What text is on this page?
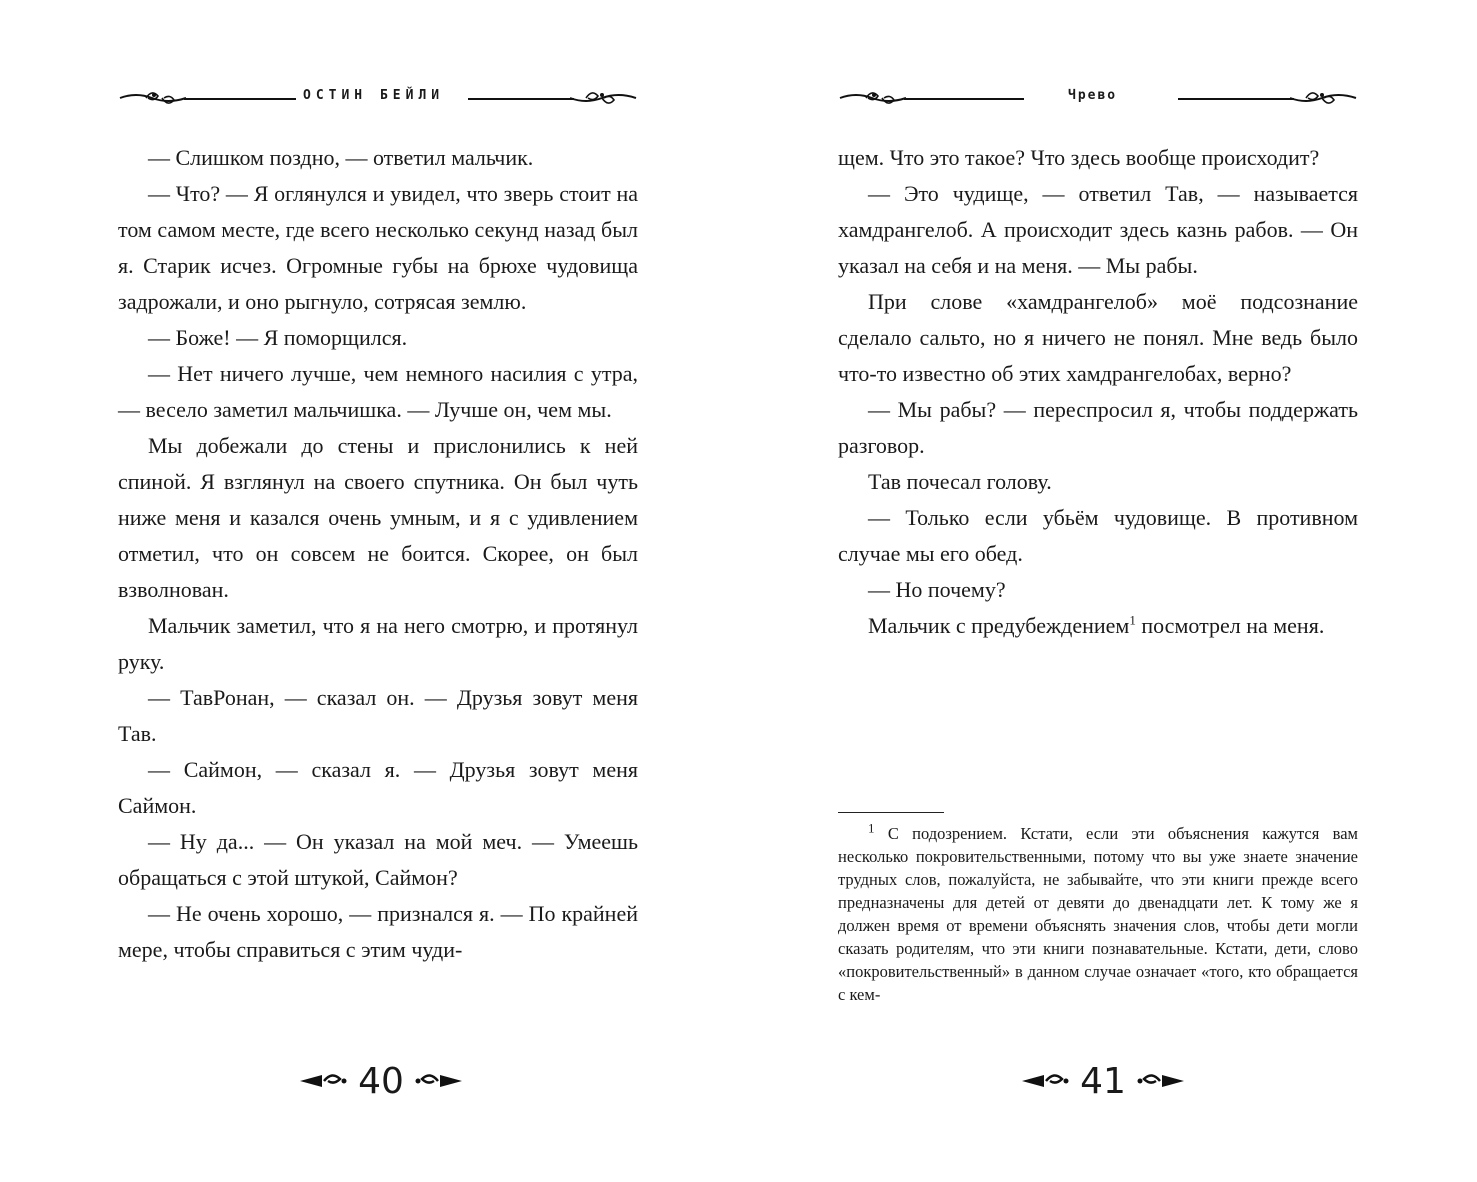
ОСТИН БЕЙЛИ

— Слишком поздно, — ответил мальчик.

— Что? — Я оглянулся и увидел, что зверь стоит на том самом месте, где всего несколько секунд назад был я. Старик исчез. Огромные губы на брюхе чудовища задрожали, и оно рыгнуло, сотрясая землю.

— Боже! — Я поморщился.

— Нет ничего лучше, чем немного насилия с утра, — весело заметил мальчишка. — Лучше он, чем мы.

Мы добежали до стены и прислонились к ней спиной. Я взглянул на своего спутника. Он был чуть ниже меня и казался очень умным, и я с удивлением отметил, что он совсем не боится. Скорее, он был взволнован.

Мальчик заметил, что я на него смотрю, и протянул руку.

— ТавРонан, — сказал он. — Друзья зовут меня Тав.

— Саймон, — сказал я. — Друзья зовут меня Саймон.

— Ну да... — Он указал на мой меч. — Умеешь обращаться с этой штукой, Саймон?

— Не очень хорошо, — признался я. — По крайней мере, чтобы справиться с этим чуди-

40
Чрево

щем. Что это такое? Что здесь вообще происходит?

— Это чудище, — ответил Тав, — называется хамдрангелоб. А происходит здесь казнь рабов. — Он указал на себя и на меня. — Мы рабы.

При слове «хамдрангелоб» моё подсознание сделало сальто, но я ничего не понял. Мне ведь было что-то известно об этих хамдрангелобах, верно?

— Мы рабы? — переспросил я, чтобы поддержать разговор.

Тав почесал голову.

— Только если убьём чудовище. В противном случае мы его обед.

— Но почему?

Мальчик с предубеждением$^1$ посмотрел на меня.

$^1$ С подозрением. Кстати, если эти объяснения кажутся вам несколько покровительственными, потому что вы уже знаете значение трудных слов, пожалуйста, не забывайте, что эти книги прежде всего предназначены для детей от девяти до двенадцати лет. К тому же я должен время от времени объяснять значения слов, чтобы дети могли сказать родителям, что эти книги познавательные. Кстати, дети, слово «покровительственный» в данном случае означает «того, кто обращается с кем-

41
